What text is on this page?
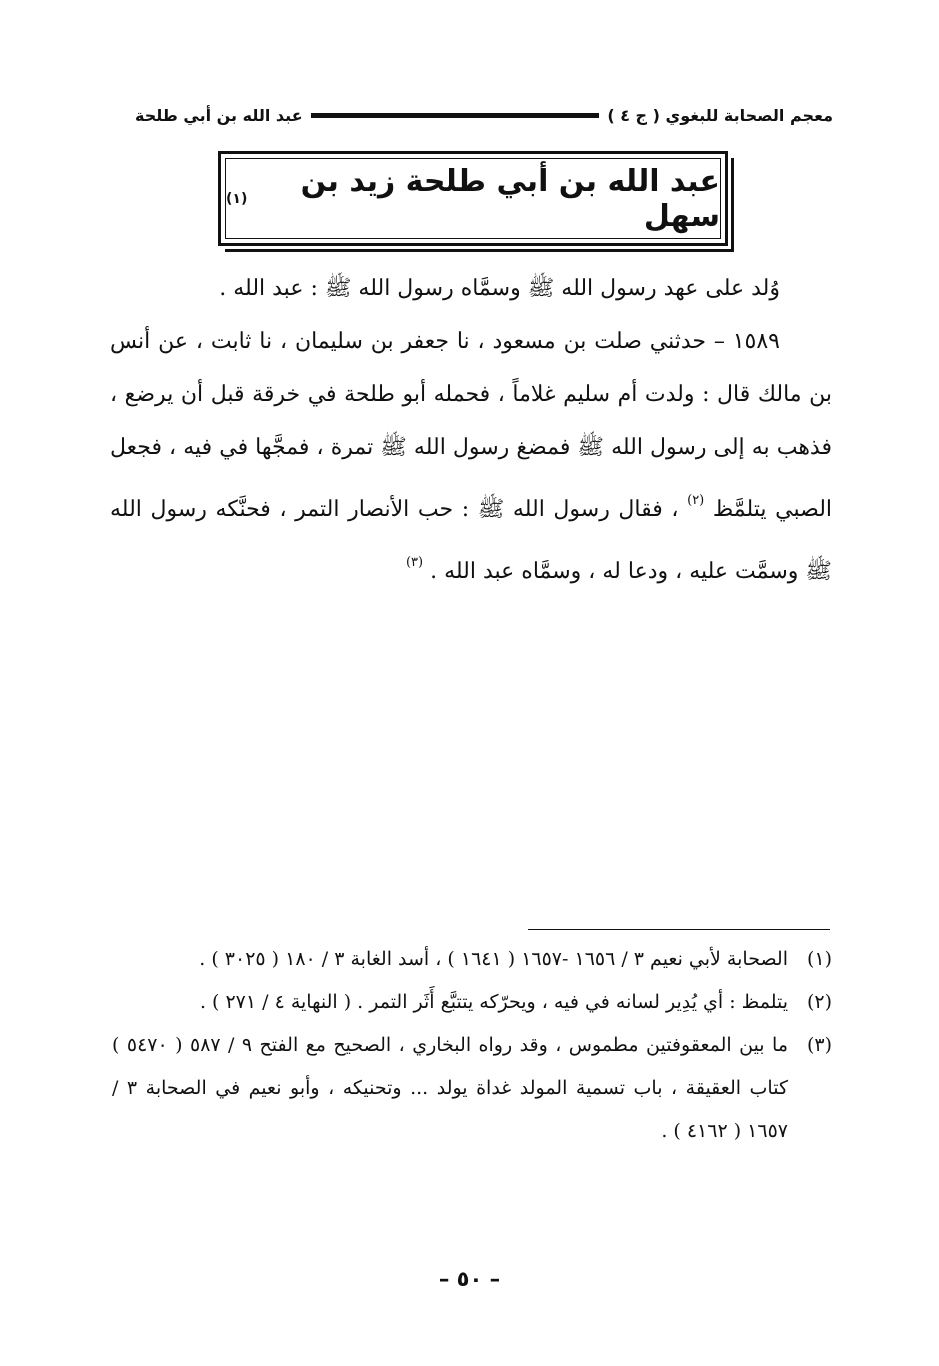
معجم الصحابة للبغوي ( ج ٤ )
عبد الله بن أبي طلحة
عبد الله بن أبي طلحة زيد بن سهل
(١)

وُلد على عهد رسول الله ﷺ وسمَّاه رسول الله ﷺ : عبد الله .

١٥٨٩ – حدثني صلت بن مسعود ، نا جعفر بن سليمان ، نا ثابت ، عن أنس بن مالك قال : ولدت أم سليم غلاماً ، فحمله أبو طلحة في خرقة قبل أن يرضع ، فذهب به إلى رسول الله ﷺ فمضغ رسول الله ﷺ تمرة ، فمجَّها في فيه ، فجعل الصبي يتلمَّظ $^{(٢)}$ ، فقال رسول الله ﷺ : حب الأنصار التمر ، فحنَّكه رسول الله ﷺ وسمَّت عليه ، ودعا له ، وسمَّاه عبد الله . $^{(٣)}$

(١)
الصحابة لأبي نعيم ٣ / ١٦٥٦ -١٦٥٧ ( ١٦٤١ ) ، أسد الغابة ٣ / ١٨٠ ( ٣٠٢٥ ) .
(٢)
يتلمظ : أي يُدِير لسانه في فيه ، ويحرّكه يتتبَّع أَثَر التمر . ( النهاية ٤ / ٢٧١ ) .
(٣)
ما بين المعقوفتين مطموس ، وقد رواه البخاري ، الصحيح مع الفتح ٩ / ٥٨٧ ( ٥٤٧٠ ) كتاب العقيقة ، باب تسمية المولد غداة يولد ... وتحنيكه ، وأبو نعيم في الصحابة ٣ / ١٦٥٧ ( ٤١٦٢ ) .
– ٥٠ –
